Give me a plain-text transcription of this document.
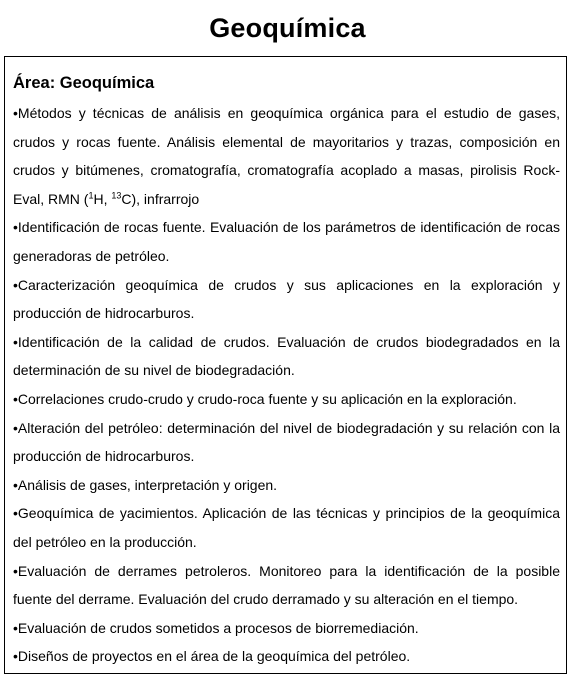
Geoquímica
Área: Geoquímica
•Métodos y técnicas de análisis en geoquímica orgánica para el estudio de gases, crudos y rocas fuente. Análisis elemental de mayoritarios y trazas, composición en crudos y bitúmenes, cromatografía, cromatografía acoplado a masas, pirolisis Rock-Eval, RMN ($^1$H, $^{13}$C), infrarrojo
•Identificación de rocas fuente. Evaluación de los parámetros de identificación de rocas generadoras de petróleo.
•Caracterización geoquímica de crudos y sus aplicaciones en la exploración y producción de hidrocarburos.
•Identificación de la calidad de crudos. Evaluación de crudos biodegradados en la determinación de su nivel de biodegradación.
•Correlaciones crudo-crudo y crudo-roca fuente y su aplicación en la exploración.
•Alteración del petróleo: determinación del nivel de biodegradación y su relación con la producción de hidrocarburos.
•Análisis de gases, interpretación y origen.
•Geoquímica de yacimientos. Aplicación de las técnicas y principios de la geoquímica del petróleo en la producción.
•Evaluación de derrames petroleros. Monitoreo para la identificación de la posible fuente del derrame. Evaluación del crudo derramado y su alteración en el tiempo.
•Evaluación de crudos sometidos a procesos de biorremediación.
•Diseños de proyectos en el área de la geoquímica del petróleo.
